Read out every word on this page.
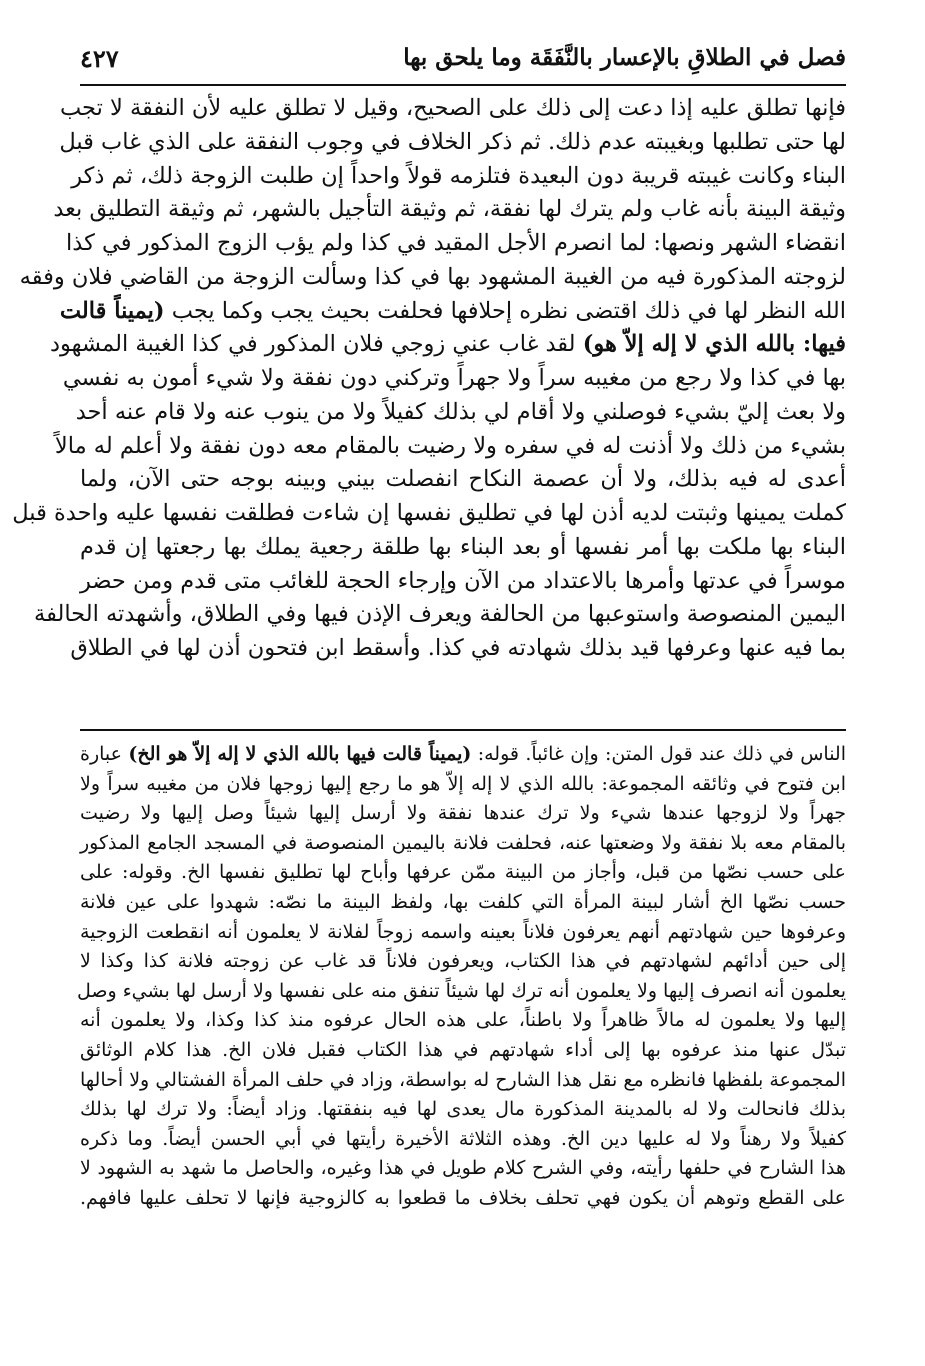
فصل في الطلاقِ بالإعسار بالنَّفَقَة وما يلحق بها
٤٢٧
فإنها تطلق عليه إذا دعت إلى ذلك على الصحيح، وقيل لا تطلق عليه لأن النفقة لا تجب
لها حتى تطلبها وبغيبته عدم ذلك. ثم ذكر الخلاف في وجوب النفقة على الذي غاب قبل
البناء وكانت غيبته قريبة دون البعيدة فتلزمه قولاً واحداً إن طلبت الزوجة ذلك، ثم ذكر
وثيقة البينة بأنه غاب ولم يترك لها نفقة، ثم وثيقة التأجيل بالشهر، ثم وثيقة التطليق بعد
انقضاء الشهر ونصها: لما انصرم الأجل المقيد في كذا ولم يؤب الزوج المذكور في كذا
لزوجته المذكورة فيه من الغيبة المشهود بها في كذا وسألت الزوجة من القاضي فلان وفقه
الله النظر لها في ذلك اقتضى نظره إحلافها فحلفت بحيث يجب وكما يجب (يميناً قالت
فيها: بالله الذي لا إله إلاّ هو) لقد غاب عني زوجي فلان المذكور في كذا الغيبة المشهود
بها في كذا ولا رجع من مغيبه سراً ولا جهراً وتركني دون نفقة ولا شيء أمون به نفسي
ولا بعث إليّ بشيء فوصلني ولا أقام لي بذلك كفيلاً ولا من ينوب عنه ولا قام عنه أحد
بشيء من ذلك ولا أذنت له في سفره ولا رضيت بالمقام معه دون نفقة ولا أعلم له مالاً
أعدى له فيه بذلك، ولا أن عصمة النكاح انفصلت بيني وبينه بوجه حتى الآن، ولما
كملت يمينها وثبتت لديه أذن لها في تطليق نفسها إن شاءت فطلقت نفسها عليه واحدة قبل
البناء بها ملكت بها أمر نفسها أو بعد البناء بها طلقة رجعية يملك بها رجعتها إن قدم
موسراً في عدتها وأمرها بالاعتداد من الآن وإرجاء الحجة للغائب متى قدم ومن حضر
اليمين المنصوصة واستوعبها من الحالفة ويعرف الإذن فيها وفي الطلاق، وأشهدته الحالفة
بما فيه عنها وعرفها قيد بذلك شهادته في كذا. وأسقط ابن فتحون أذن لها في الطلاق
الناس في ذلك عند قول المتن: وإن غائباً. قوله: (يميناً قالت فيها بالله الذي لا إله إلاّ هو الخ) عبارة
ابن فتوح في وثائقه المجموعة: بالله الذي لا إله إلاّ هو ما رجع إليها زوجها فلان من مغيبه سراً ولا
جهراً ولا لزوجها عندها شيء ولا ترك عندها نفقة ولا أرسل إليها شيئاً وصل إليها ولا رضيت
بالمقام معه بلا نفقة ولا وضعتها عنه، فحلفت فلانة باليمين المنصوصة في المسجد الجامع المذكور
على حسب نصّها من قبل، وأجاز من البينة ممّن عرفها وأباح لها تطليق نفسها الخ. وقوله: على
حسب نصّها الخ أشار لبينة المرأة التي كلفت بها، ولفظ البينة ما نصّه: شهدوا على عين فلانة
وعرفوها حين شهادتهم أنهم يعرفون فلاناً بعينه واسمه زوجاً لفلانة لا يعلمون أنه انقطعت الزوجية
إلى حين أدائهم لشهادتهم في هذا الكتاب، ويعرفون فلاناً قد غاب عن زوجته فلانة كذا وكذا لا
يعلمون أنه انصرف إليها ولا يعلمون أنه ترك لها شيئاً تنفق منه على نفسها ولا أرسل لها بشيء وصل
إليها ولا يعلمون له مالاً ظاهراً ولا باطناً، على هذه الحال عرفوه منذ كذا وكذا، ولا يعلمون أنه
تبدّل عنها منذ عرفوه بها إلى أداء شهادتهم في هذا الكتاب فقبل فلان الخ. هذا كلام الوثائق
المجموعة بلفظها فانظره مع نقل هذا الشارح له بواسطة، وزاد في حلف المرأة الفشتالي ولا أحالها
بذلك فانحالت ولا له بالمدينة المذكورة مال يعدى لها فيه بنفقتها. وزاد أيضاً: ولا ترك لها بذلك
كفيلاً ولا رهناً ولا له عليها دين الخ. وهذه الثلاثة الأخيرة رأيتها في أبي الحسن أيضاً. وما ذكره
هذا الشارح في حلفها رأيته، وفي الشرح كلام طويل في هذا وغيره، والحاصل ما شهد به الشهود لا
على القطع وتوهم أن يكون فهي تحلف بخلاف ما قطعوا به كالزوجية فإنها لا تحلف عليها فافهم.
